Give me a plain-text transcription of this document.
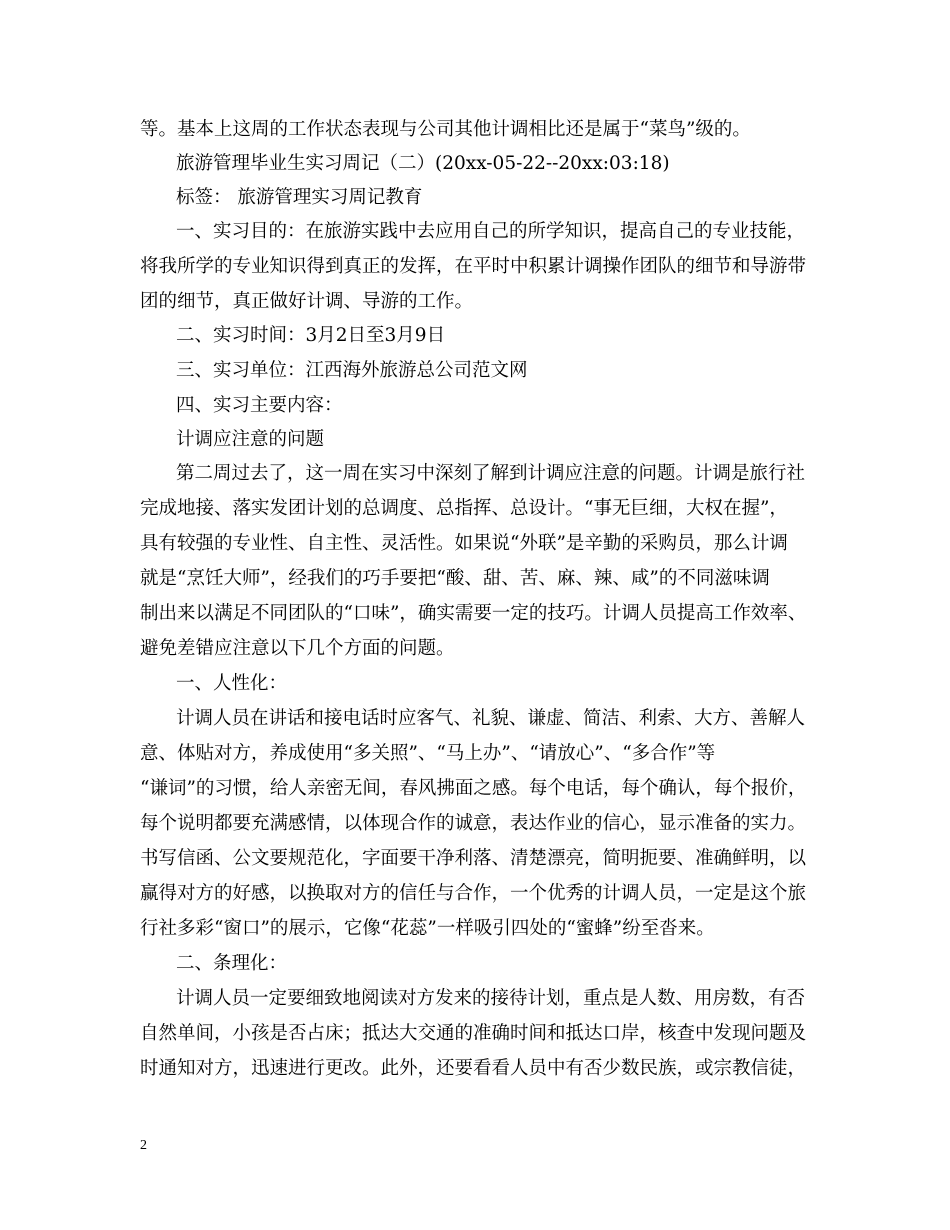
等。基本上这周的工作状态表现与公司其他计调相比还是属于“菜鸟”级的。
旅游管理毕业生实习周记（二）(20xx-05-22--20xx:03:18)
标签： 旅游管理实习周记教育
一、实习目的：在旅游实践中去应用自己的所学知识，提高自己的专业技能，
将我所学的专业知识得到真正的发挥，在平时中积累计调操作团队的细节和导游带
团的细节，真正做好计调、导游的工作。
二、实习时间：3月2日至3月9日
三、实习单位：江西海外旅游总公司范文网
四、实习主要内容：
计调应注意的问题
第二周过去了，这一周在实习中深刻了解到计调应注意的问题。计调是旅行社
完成地接、落实发团计划的总调度、总指挥、总设计。“事无巨细，大权在握”，
具有较强的专业性、自主性、灵活性。如果说“外联”是辛勤的采购员，那么计调
就是“烹饪大师”，经我们的巧手要把“酸、甜、苦、麻、辣、咸”的不同滋味调
制出来以满足不同团队的“口味”，确实需要一定的技巧。计调人员提高工作效率、
避免差错应注意以下几个方面的问题。
一、人性化：
计调人员在讲话和接电话时应客气、礼貌、谦虚、简洁、利索、大方、善解人
意、体贴对方，养成使用“多关照”、“马上办”、“请放心”、“多合作”等
“谦词”的习惯，给人亲密无间，春风拂面之感。每个电话，每个确认，每个报价，
每个说明都要充满感情，以体现合作的诚意，表达作业的信心，显示准备的实力。
书写信函、公文要规范化，字面要干净利落、清楚漂亮，简明扼要、准确鲜明，以
赢得对方的好感，以换取对方的信任与合作，一个优秀的计调人员，一定是这个旅
行社多彩“窗口”的展示，它像“花蕊”一样吸引四处的“蜜蜂”纷至沓来。
二、条理化：
计调人员一定要细致地阅读对方发来的接待计划，重点是人数、用房数，有否
自然单间，小孩是否占床；抵达大交通的准确时间和抵达口岸，核查中发现问题及
时通知对方，迅速进行更改。此外，还要看看人员中有否少数民族，或宗教信徒，
2
